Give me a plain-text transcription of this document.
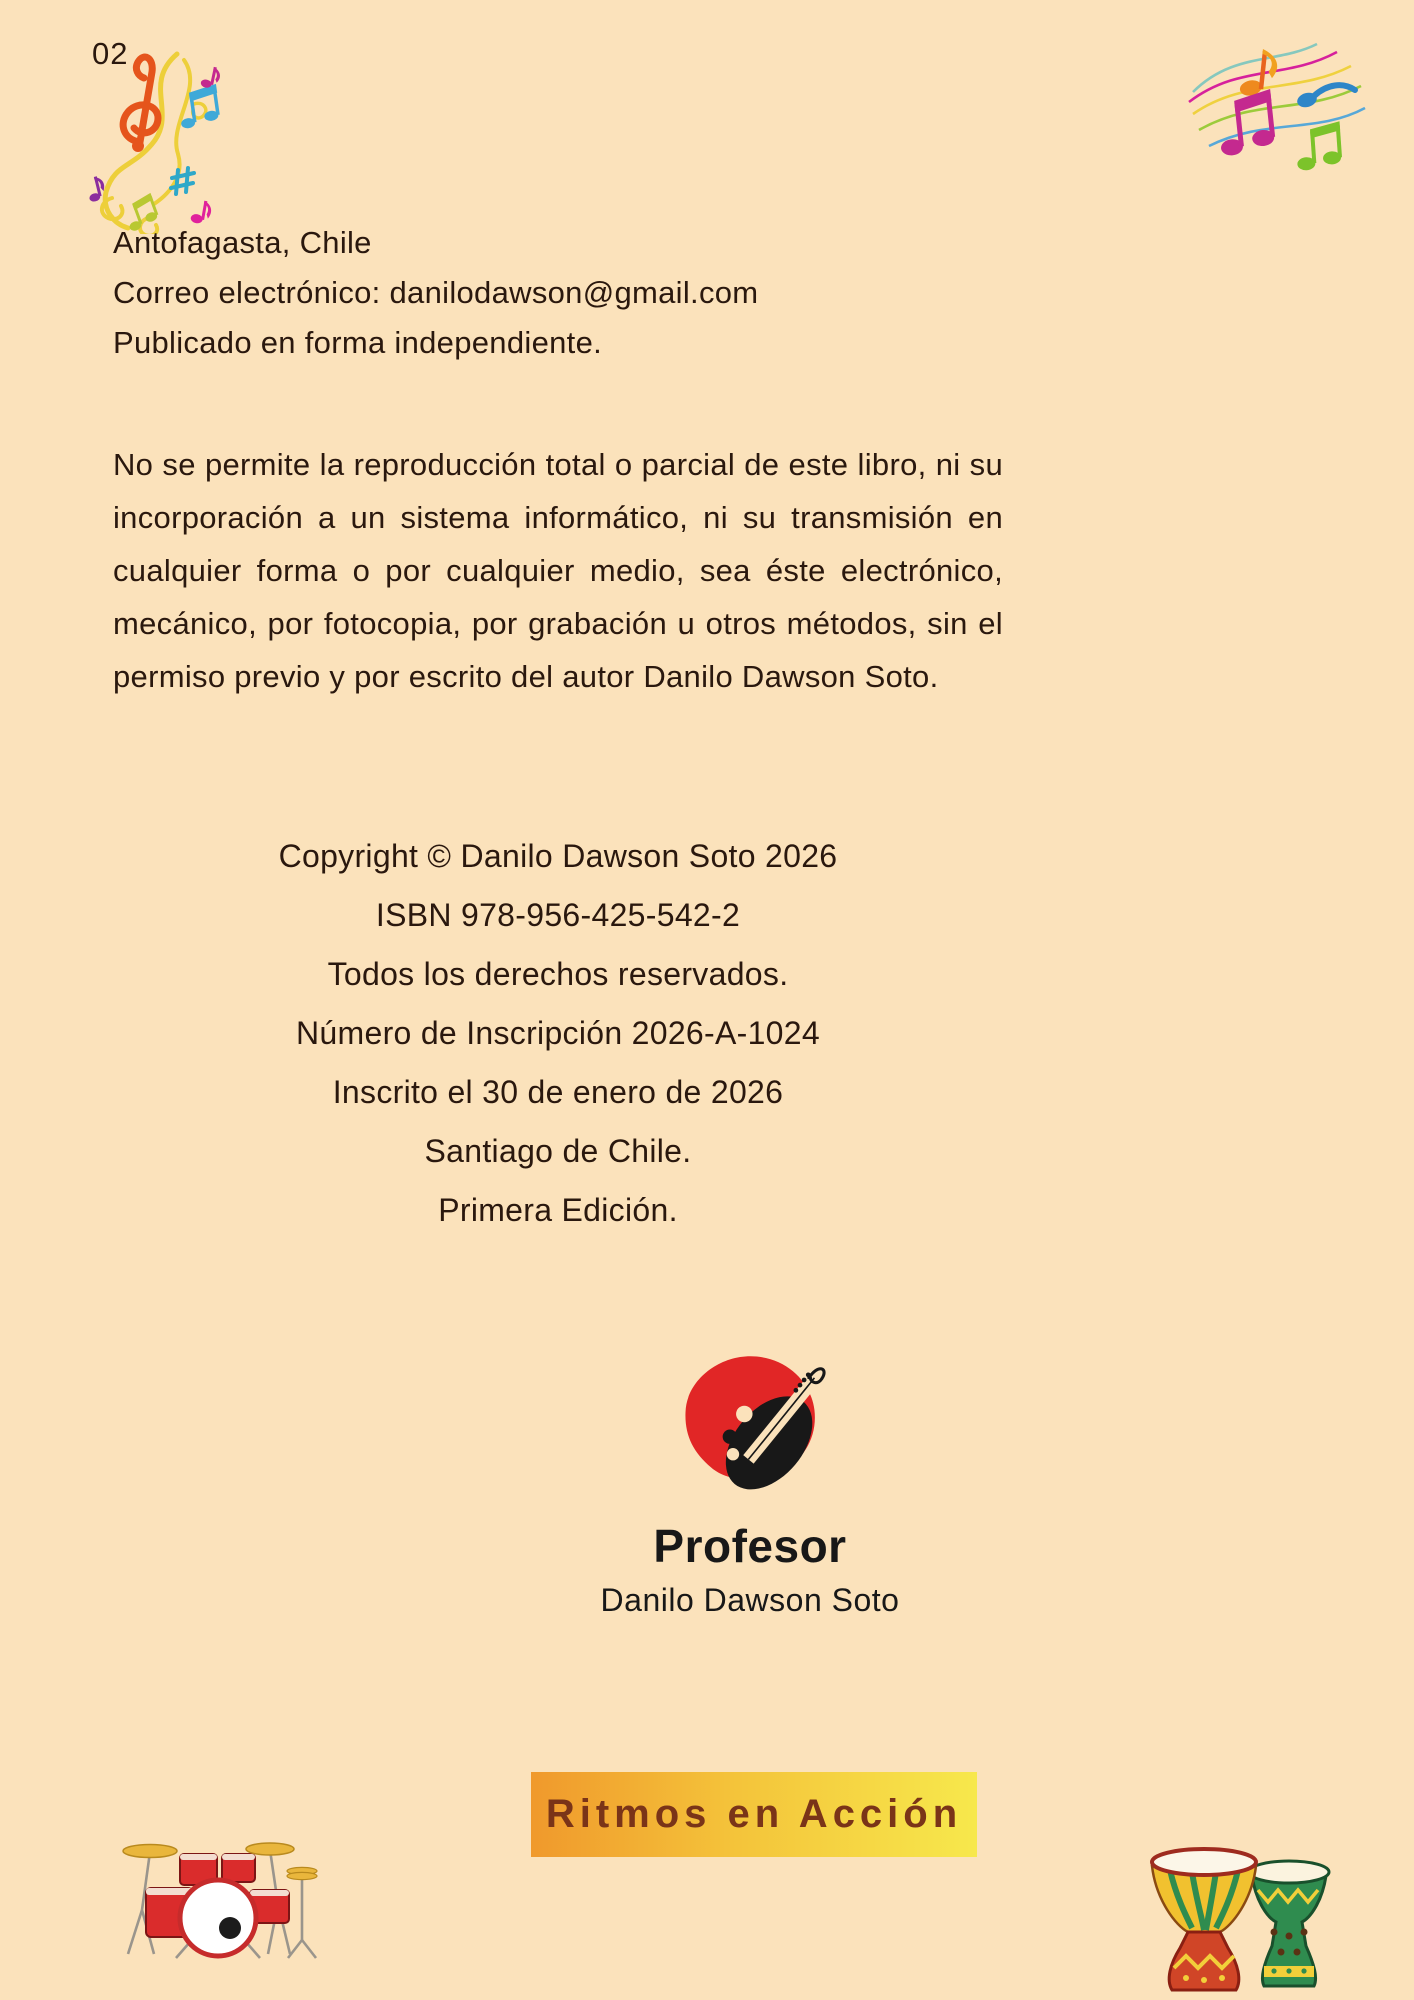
02
Antofagasta, Chile
Correo electrónico: danilodawson@gmail.com
Publicado en forma independiente.

No se permite la reproducción total o parcial de este libro, ni su incorporación a un sistema informático, ni su transmisión en cualquier forma o por cualquier medio, sea éste electrónico, mecánico, por fotocopia, por grabación u otros métodos, sin el permiso previo y por escrito del autor Danilo Dawson Soto.

Copyright © Danilo Dawson Soto 2026
ISBN 978-956-425-542-2
Todos los derechos reservados.
Número de Inscripción 2026-A-1024
Inscrito el 30 de enero de 2026
Santiago de Chile.
Primera Edición.
Profesor
Danilo Dawson Soto
Ritmos en Acción
